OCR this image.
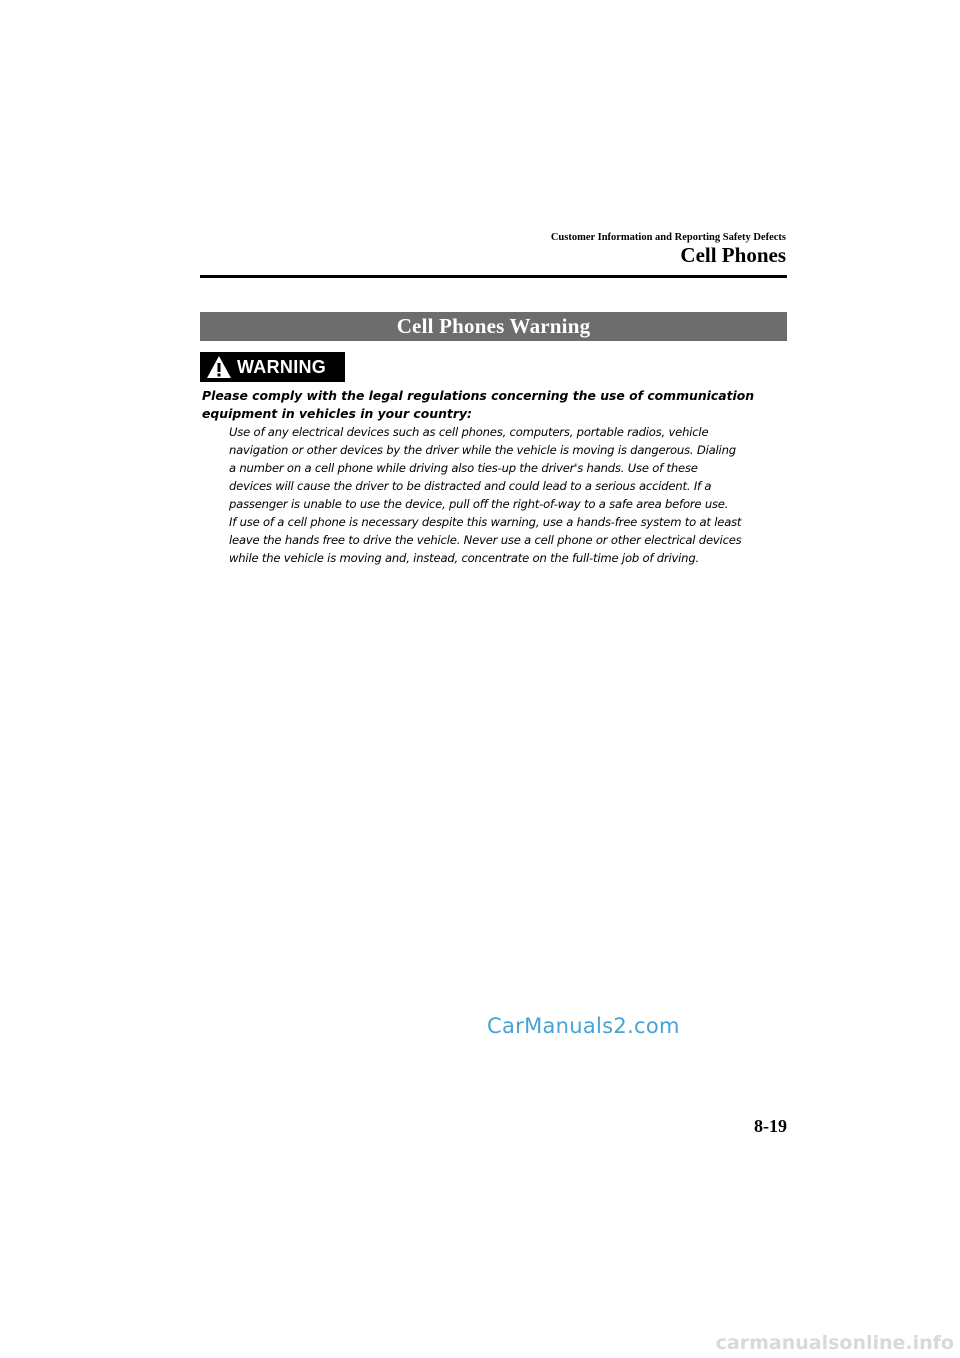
Customer Information and Reporting Safety Defects
Cell Phones
Cell Phones Warning
WARNING
Please comply with the legal regulations concerning the use of communication
equipment in vehicles in your country:
Use of any electrical devices such as cell phones, computers, portable radios, vehicle
navigation or other devices by the driver while the vehicle is moving is dangerous. Dialing
a number on a cell phone while driving also ties-up the driver's hands. Use of these
devices will cause the driver to be distracted and could lead to a serious accident. If a
passenger is unable to use the device, pull off the right-of-way to a safe area before use.
If use of a cell phone is necessary despite this warning, use a hands-free system to at least
leave the hands free to drive the vehicle. Never use a cell phone or other electrical devices
while the vehicle is moving and, instead, concentrate on the full-time job of driving.
CarManuals2.com
8-19
carmanualsonline.info
